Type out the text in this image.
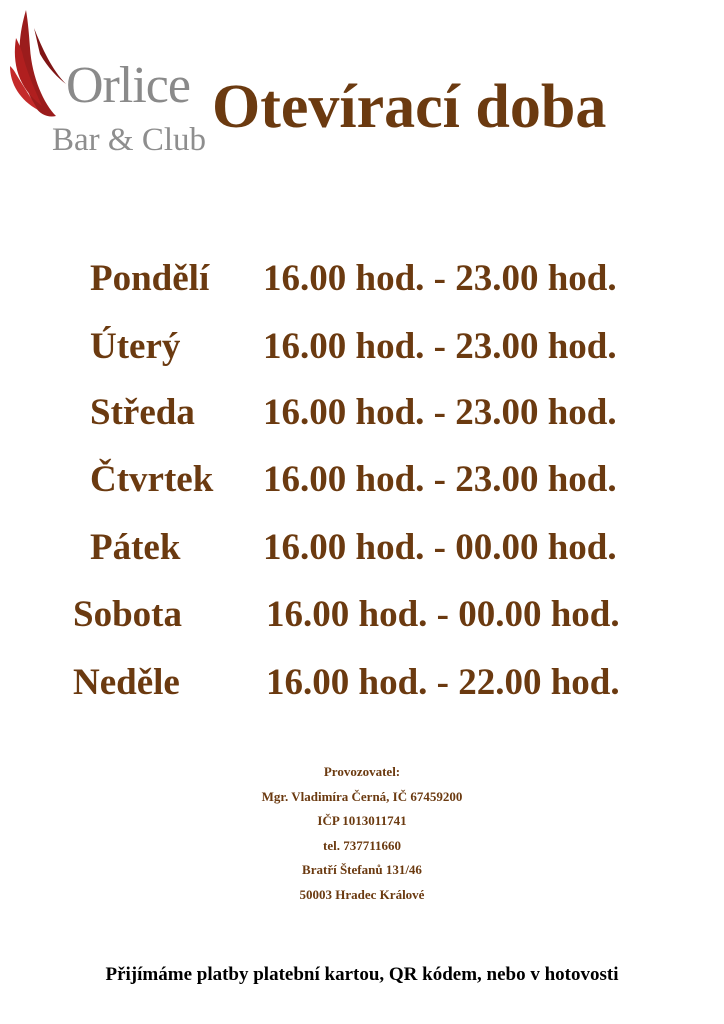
Orlice
Bar & Club Otevírací doba
Pondělí 16.00 hod. - 23.00 hod.
Úterý 16.00 hod. - 23.00 hod.
Středa 16.00 hod. - 23.00 hod.
Čtvrtek 16.00 hod. - 23.00 hod.
Pátek 16.00 hod. - 00.00 hod.
Sobota 16.00 hod. - 00.00 hod.
Neděle 16.00 hod. - 22.00 hod.
Provozovatel:
Mgr. Vladimíra Černá, IČ 67459200
IČP 1013011741
tel. 737711660
Bratří Štefanů 131/46
50003 Hradec Králové
Přijímáme platby platební kartou, QR kódem, nebo v hotovosti
